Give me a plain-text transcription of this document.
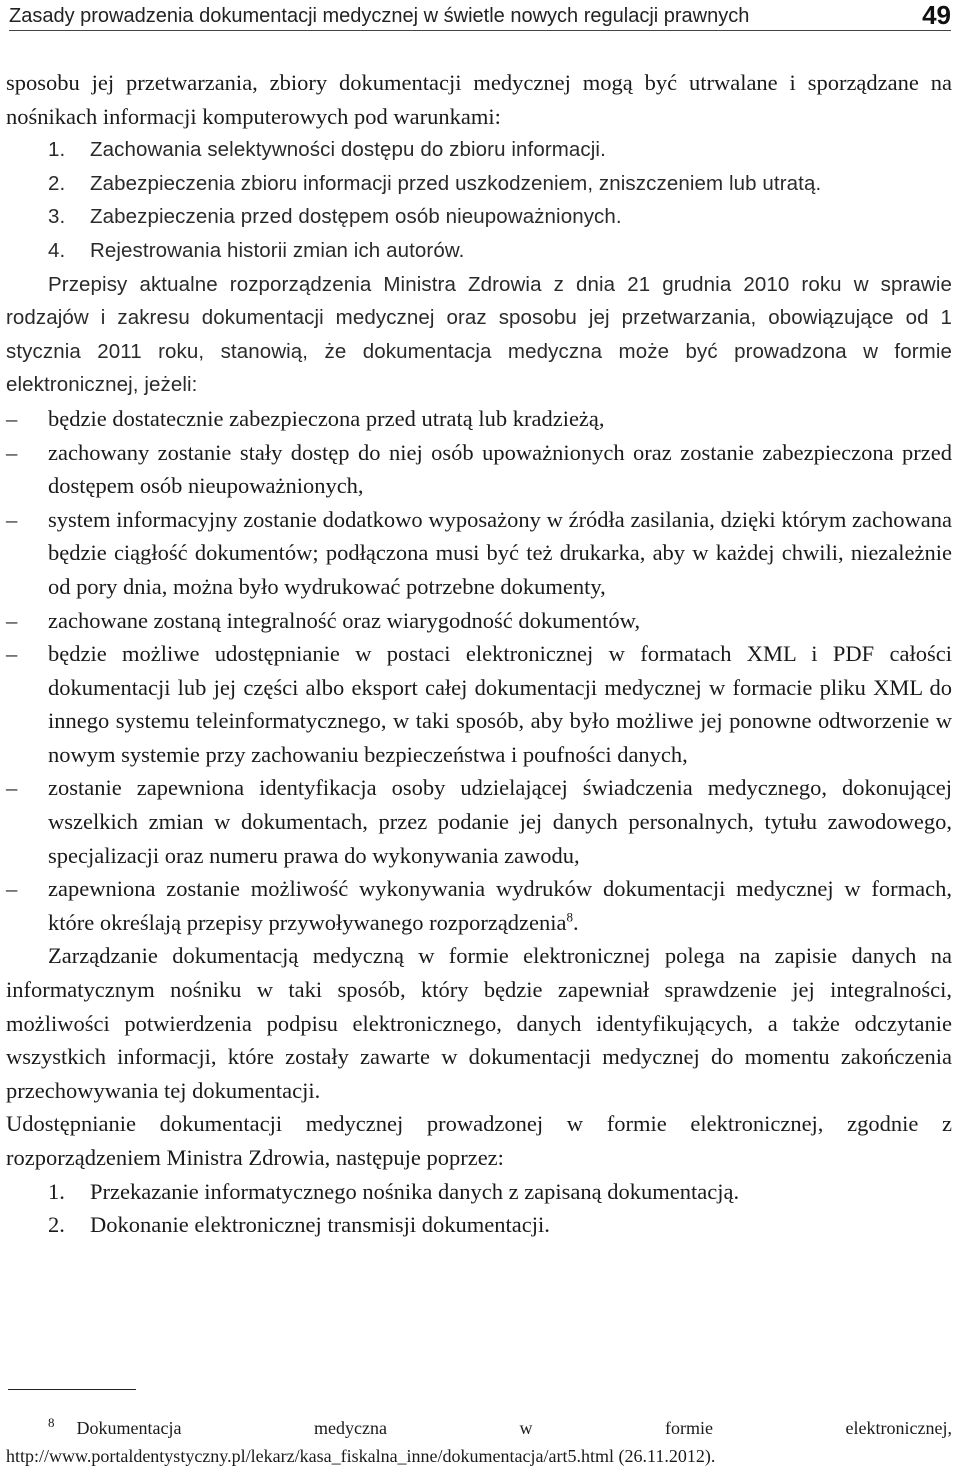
Zasady prowadzenia dokumentacji medycznej w świetle nowych regulacji prawnych	49

sposobu jej przetwarzania, zbiory dokumentacji medycznej mogą być utrwalane i sporządzane na nośnikach informacji komputerowych pod warunkami:

1. Zachowania selektywności dostępu do zbioru informacji.
2. Zabezpieczenia zbioru informacji przed uszkodzeniem, zniszczeniem lub utratą.
3. Zabezpieczenia przed dostępem osób nieupoważnionych.
4. Rejestrowania historii zmian ich autorów.

Przepisy aktualne rozporządzenia Ministra Zdrowia z dnia 21 grudnia 2010 roku w sprawie rodzajów i zakresu dokumentacji medycznej oraz sposobu jej przetwarzania, obowiązujące od 1 stycznia 2011 roku, stanowią, że dokumentacja medyczna może być prowadzona w formie elektronicznej, jeżeli:

– będzie dostatecznie zabezpieczona przed utratą lub kradzieżą,
– zachowany zostanie stały dostęp do niej osób upoważnionych oraz zostanie zabezpieczona przed dostępem osób nieupoważnionych,
– system informacyjny zostanie dodatkowo wyposażony w źródła zasilania, dzięki którym zachowana będzie ciągłość dokumentów; podłączona musi być też drukarka, aby w każdej chwili, niezależnie od pory dnia, można było wydrukować potrzebne dokumenty,
– zachowane zostaną integralność oraz wiarygodność dokumentów,
– będzie możliwe udostępnianie w postaci elektronicznej w formatach XML i PDF całości dokumentacji lub jej części albo eksport całej dokumentacji medycznej w formacie pliku XML do innego systemu teleinformatycznego, w taki sposób, aby było możliwe jej ponowne odtworzenie w nowym systemie przy zachowaniu bezpieczeństwa i poufności danych,
– zostanie zapewniona identyfikacja osoby udzielającej świadczenia medycznego, dokonującej wszelkich zmian w dokumentach, przez podanie jej danych personalnych, tytułu zawodowego, specjalizacji oraz numeru prawa do wykonywania zawodu,
– zapewniona zostanie możliwość wykonywania wydruków dokumentacji medycznej w formach, które określają przepisy przywoływanego rozporządzenia$^8$.

Zarządzanie dokumentacją medyczną w formie elektronicznej polega na zapisie danych na informatycznym nośniku w taki sposób, który będzie zapewniał sprawdzenie jej integralności, możliwości potwierdzenia podpisu elektronicznego, danych identyfikujących, a także odczytanie wszystkich informacji, które zostały zawarte w dokumentacji medycznej do momentu zakończenia przechowywania tej dokumentacji.

Udostępnianie dokumentacji medycznej prowadzonej w formie elektronicznej, zgodnie z rozporządzeniem Ministra Zdrowia, następuje poprzez:

1. Przekazanie informatycznego nośnika danych z zapisaną dokumentacją.
2. Dokonanie elektronicznej transmisji dokumentacji.

$^8$ Dokumentacja medyczna w formie elektronicznej, http://www.portaldentystyczny.pl/lekarz/kasa_fiskalna_inne/dokumentacja/art5.html (26.11.2012).
